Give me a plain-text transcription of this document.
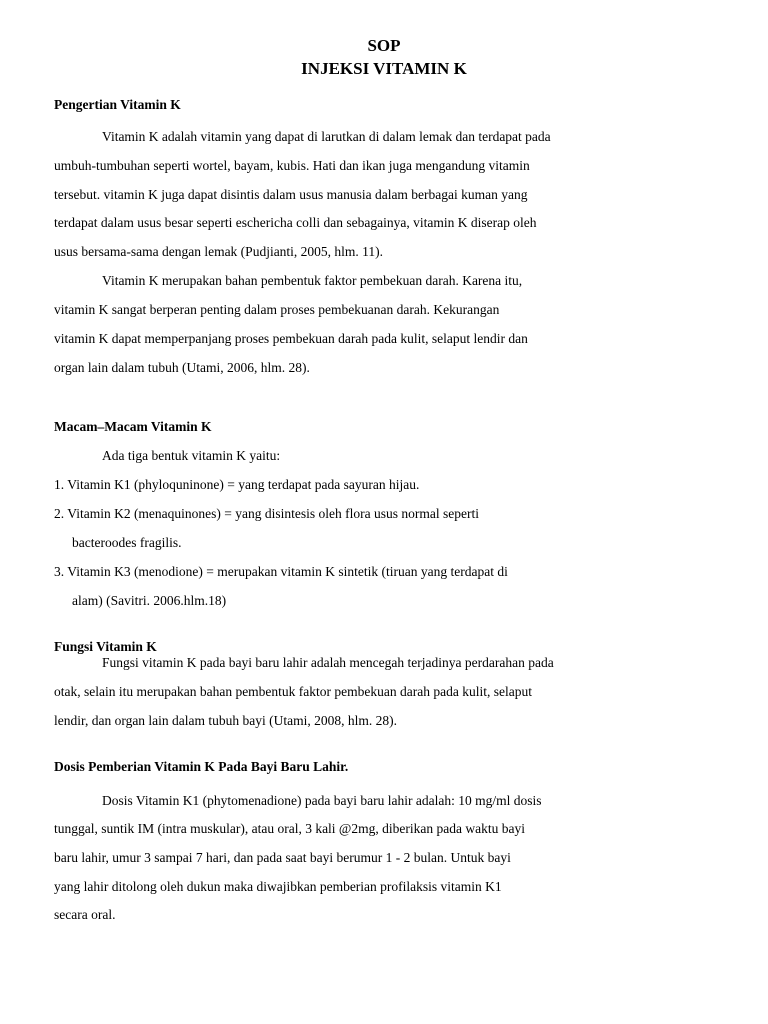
SOP
INJEKSI VITAMIN K
Pengertian Vitamin K
Vitamin K adalah vitamin yang dapat di larutkan di dalam lemak dan terdapat pada
umbuh-tumbuhan seperti wortel, bayam, kubis. Hati dan ikan juga mengandung vitamin
tersebut. vitamin K juga dapat disintis dalam usus manusia dalam berbagai kuman yang
terdapat dalam usus besar seperti eschericha colli dan sebagainya, vitamin K diserap oleh
usus bersama-sama dengan lemak (Pudjianti, 2005, hlm. 11).
Vitamin K merupakan bahan pembentuk faktor pembekuan darah. Karena itu,
vitamin K sangat berperan penting dalam proses pembekuanan darah. Kekurangan
vitamin K dapat memperpanjang proses pembekuan darah pada kulit, selaput lendir dan
organ lain dalam tubuh (Utami, 2006, hlm. 28).
Macam–Macam Vitamin K
Ada tiga bentuk vitamin K yaitu:
1. Vitamin K1 (phyloquninone) = yang terdapat pada sayuran hijau.
2. Vitamin K2 (menaquinones) = yang disintesis oleh flora usus normal seperti
bacteroodes fragilis.
3. Vitamin K3 (menodione) = merupakan vitamin K sintetik (tiruan yang terdapat di
alam) (Savitri. 2006.hlm.18)
Fungsi Vitamin K
Fungsi vitamin K pada bayi baru lahir adalah mencegah terjadinya perdarahan pada
otak, selain itu merupakan bahan pembentuk faktor pembekuan darah pada kulit, selaput
lendir, dan organ lain dalam tubuh bayi (Utami, 2008, hlm. 28).
Dosis Pemberian Vitamin K Pada Bayi Baru Lahir.
Dosis Vitamin K1 (phytomenadione) pada bayi baru lahir adalah: 10 mg/ml dosis
tunggal, suntik IM (intra muskular), atau oral, 3 kali @2mg, diberikan pada waktu bayi
baru lahir, umur 3 sampai 7 hari, dan pada saat bayi berumur 1 - 2 bulan. Untuk bayi
yang lahir ditolong oleh dukun maka diwajibkan pemberian profilaksis vitamin K1
secara oral.
